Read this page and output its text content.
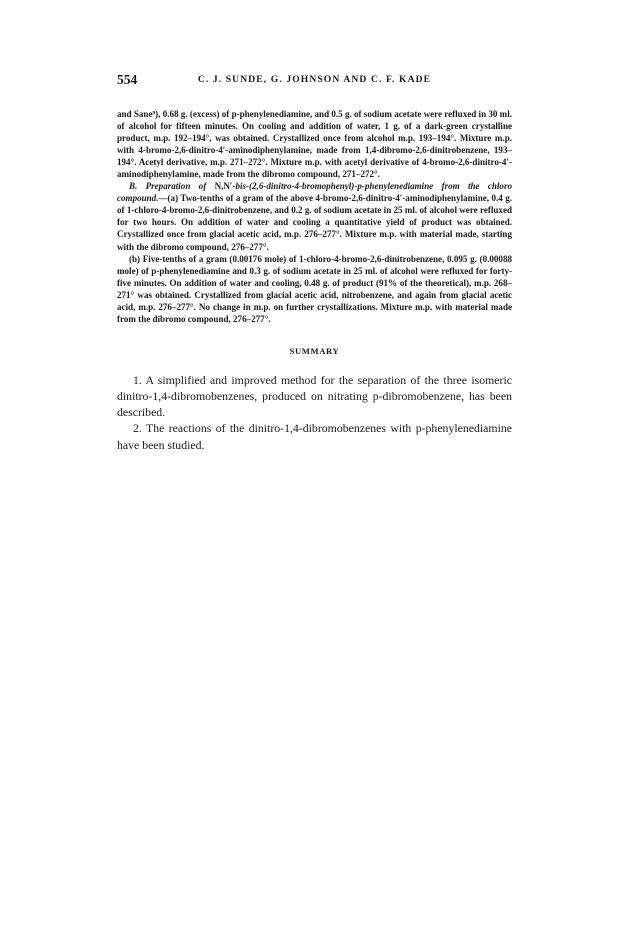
554	C. J. SUNDE, G. JOHNSON AND C. F. KADE

and Sane⁹), 0.68 g. (excess) of p-phenylenediamine, and 0.5 g. of sodium acetate were refluxed in 30 ml. of alcohol for fifteen minutes. On cooling and addition of water, 1 g. of a dark-green crystalline product, m.p. 192–194°, was obtained. Crystallized once from alcohol m.p. 193–194°. Mixture m.p. with 4-bromo-2,6-dinitro-4′-aminodiphenylamine, made from 1,4-dibromo-2,6-dinitrobenzene, 193–194°. Acetyl derivative, m.p. 271–272°. Mixture m.p. with acetyl derivative of 4-bromo-2,6-dinitro-4′-aminodiphenylamine, made from the dibromo compound, 271–272°.

B. Preparation of N,N′-bis-(2,6-dinitro-4-bromophenyl)-p-phenylenediamine from the chloro compound.—(a) Two-tenths of a gram of the above 4-bromo-2,6-dinitro-4′-aminodiphenylamine, 0.4 g. of 1-chloro-4-bromo-2,6-dinitrobenzene, and 0.2 g. of sodium acetate in 25 ml. of alcohol were refluxed for two hours. On addition of water and cooling a quantitative yield of product was obtained. Crystallized once from glacial acetic acid, m.p. 276–277°. Mixture m.p. with material made, starting with the dibromo compound, 276–277°.

(b) Five-tenths of a gram (0.00176 mole) of 1-chloro-4-bromo-2,6-dinitrobenzene, 0.095 g. (0.00088 mole) of p-phenylenediamine and 0.3 g. of sodium acetate in 25 ml. of alcohol were refluxed for forty-five minutes. On addition of water and cooling, 0.48 g. of product (91% of the theoretical), m.p. 268–271° was obtained. Crystallized from glacial acetic acid, nitrobenzene, and again from glacial acetic acid, m.p. 276–277°. No change in m.p. on further crystallizations. Mixture m.p. with material made from the dibromo compound, 276–277°.

SUMMARY

1. A simplified and improved method for the separation of the three isomeric dinitro-1,4-dibromobenzenes, produced on nitrating p-dibromobenzene, has been described.

2. The reactions of the dinitro-1,4-dibromobenzenes with p-phenylenediamine have been studied.
